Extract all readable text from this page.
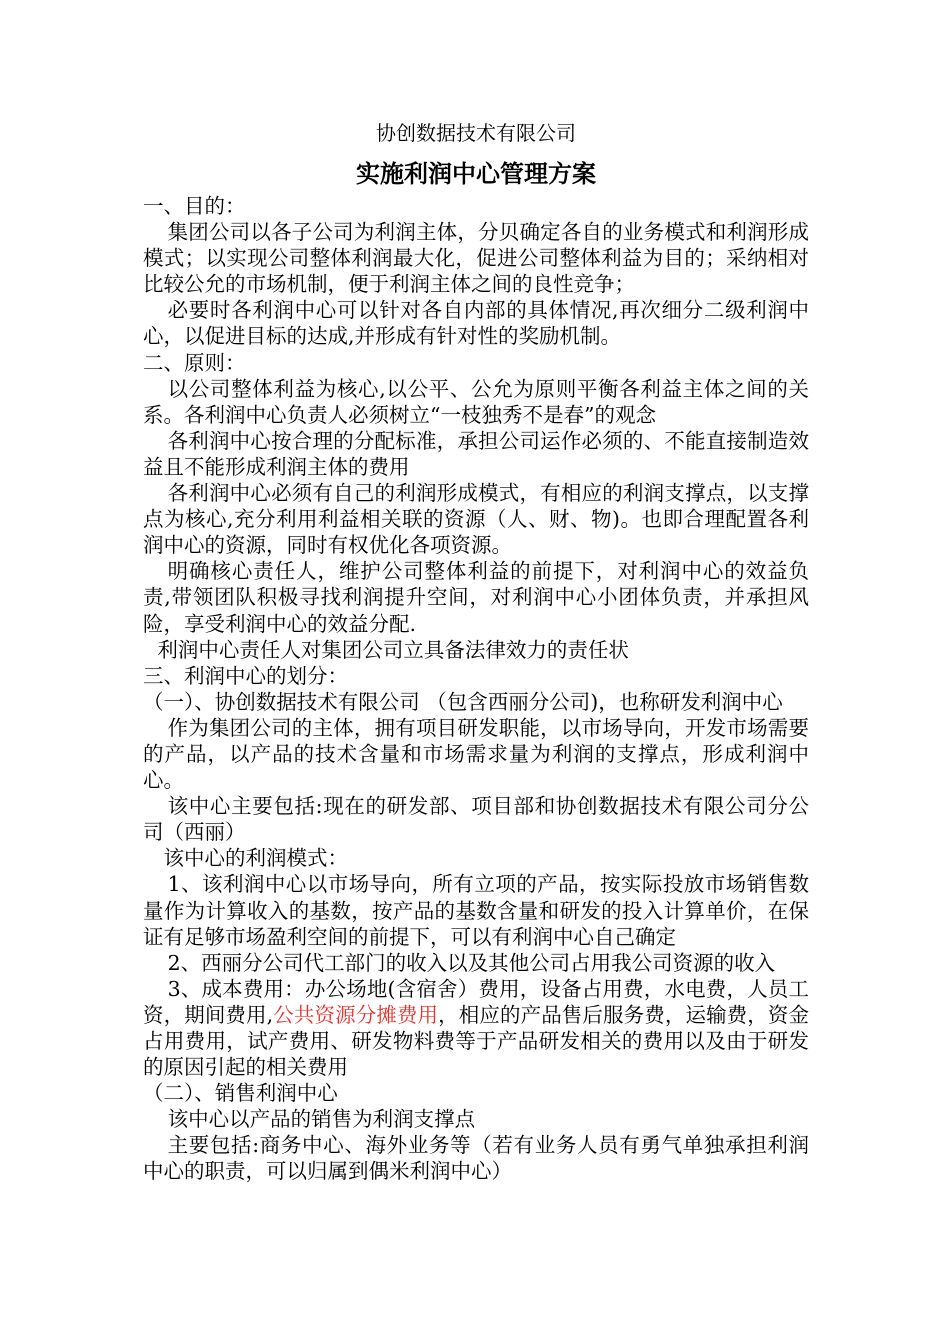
协创数据技术有限公司
实施利润中心管理方案

一、目的：

集团公司以各子公司为利润主体，分贝确定各自的业务模式和利润形成模式；以实现公司整体利润最大化，促进公司整体利益为目的；采纳相对比较公允的市场机制，便于利润主体之间的良性竞争；

必要时各利润中心可以针对各自内部的具体情况,再次细分二级利润中心，以促进目标的达成,并形成有针对性的奖励机制。

二、原则：

以公司整体利益为核心,以公平、公允为原则平衡各利益主体之间的关系。各利润中心负责人必须树立“一枝独秀不是春”的观念

各利润中心按合理的分配标准，承担公司运作必须的、不能直接制造效益且不能形成利润主体的费用

各利润中心必须有自己的利润形成模式，有相应的利润支撑点，以支撑点为核心,充分利用利益相关联的资源（人、财、物)。也即合理配置各利润中心的资源，同时有权优化各项资源。

明确核心责任人，维护公司整体利益的前提下，对利润中心的效益负责,带领团队积极寻找利润提升空间，对利润中心小团体负责，并承担风险，享受利润中心的效益分配.

利润中心责任人对集团公司立具备法律效力的责任状

三、利润中心的划分：

（一）、协创数据技术有限公司 （包含西丽分公司)，也称研发利润中心

作为集团公司的主体，拥有项目研发职能，以市场导向，开发市场需要的产品，以产品的技术含量和市场需求量为利润的支撑点，形成利润中心。

该中心主要包括:现在的研发部、项目部和协创数据技术有限公司分公司（西丽）

该中心的利润模式：

1、该利润中心以市场导向，所有立项的产品，按实际投放市场销售数量作为计算收入的基数，按产品的基数含量和研发的投入计算单价，在保证有足够市场盈利空间的前提下，可以有利润中心自己确定

2、西丽分公司代工部门的收入以及其他公司占用我公司资源的收入

3、成本费用：办公场地(含宿舍）费用，设备占用费，水电费，人员工资，期间费用,公共资源分摊费用，相应的产品售后服务费，运输费，资金占用费用，试产费用、研发物料费等于产品研发相关的费用以及由于研发的原因引起的相关费用

（二）、销售利润中心

该中心以产品的销售为利润支撑点

主要包括:商务中心、海外业务等（若有业务人员有勇气单独承担利润中心的职责，可以归属到偶米利润中心）
